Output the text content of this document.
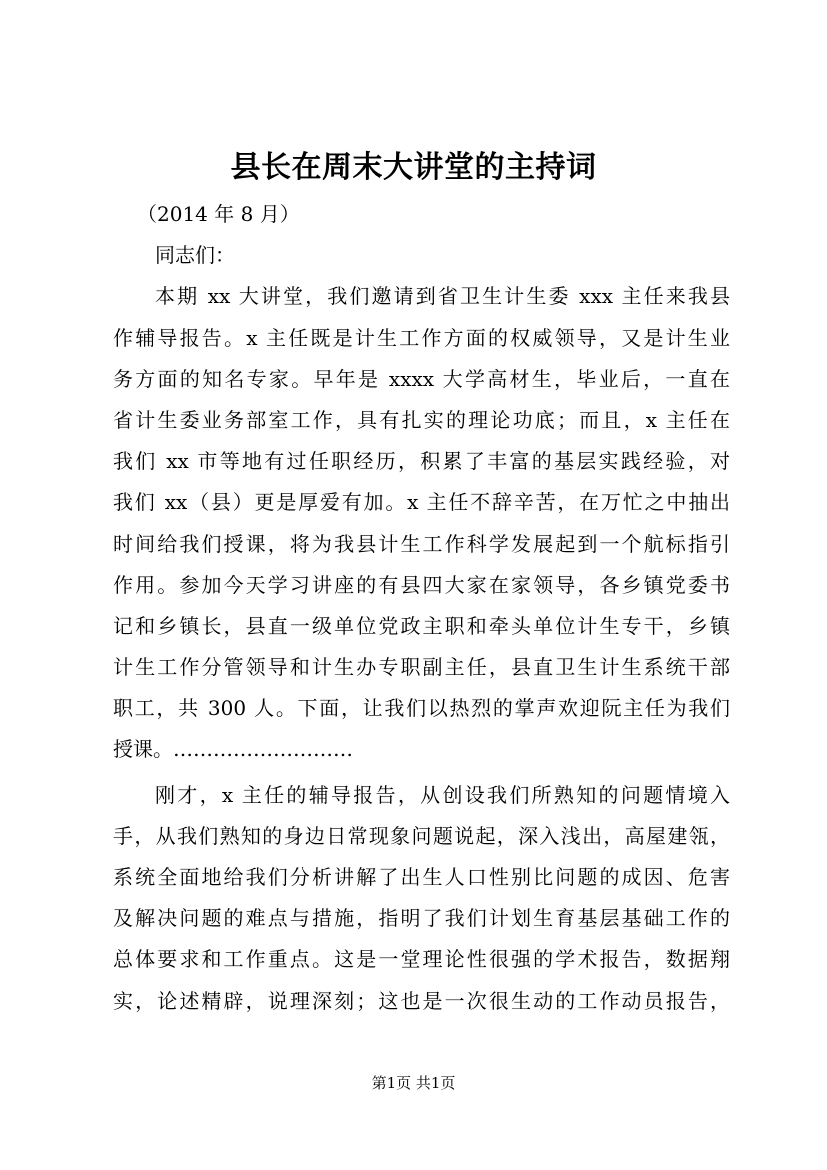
县长在周末大讲堂的主持词
（2014 年 8 月）
同志们：
本期 xx 大讲堂，我们邀请到省卫生计生委 xxx 主任来我县
作辅导报告。x 主任既是计生工作方面的权威领导，又是计生业
务方面的知名专家。早年是 xxxx 大学高材生，毕业后，一直在
省计生委业务部室工作，具有扎实的理论功底；而且，x 主任在
我们 xx 市等地有过任职经历，积累了丰富的基层实践经验，对
我们 xx（县）更是厚爱有加。x 主任不辞辛苦，在万忙之中抽出
时间给我们授课，将为我县计生工作科学发展起到一个航标指引
作用。参加今天学习讲座的有县四大家在家领导，各乡镇党委书
记和乡镇长，县直一级单位党政主职和牵头单位计生专干，乡镇
计生工作分管领导和计生办专职副主任，县直卫生计生系统干部
职工，共 300 人。下面，让我们以热烈的掌声欢迎阮主任为我们
授课。………………………
刚才，x 主任的辅导报告，从创设我们所熟知的问题情境入
手，从我们熟知的身边日常现象问题说起，深入浅出，高屋建瓴，
系统全面地给我们分析讲解了出生人口性别比问题的成因、危害
及解决问题的难点与措施，指明了我们计划生育基层基础工作的
总体要求和工作重点。这是一堂理论性很强的学术报告，数据翔
实，论述精辟，说理深刻；这也是一次很生动的工作动员报告，
第1页 共1页
